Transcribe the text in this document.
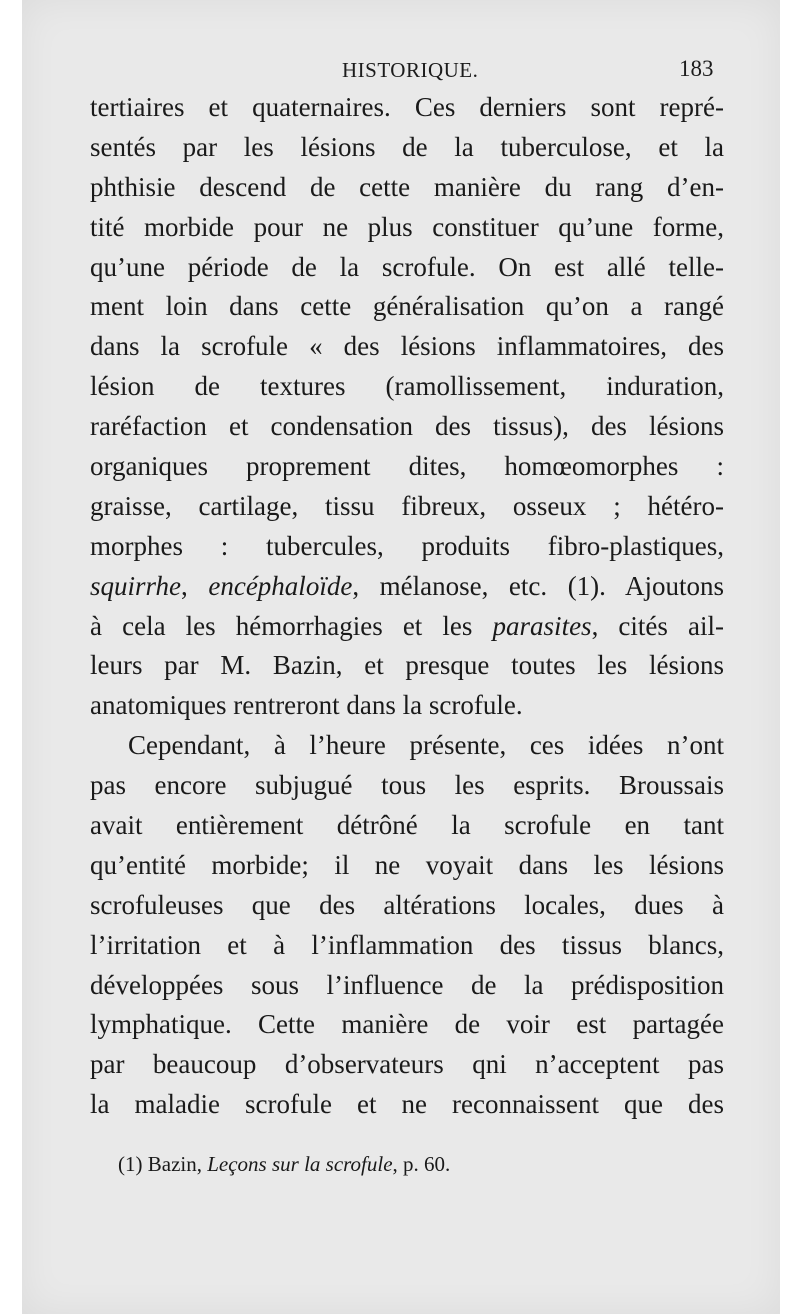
HISTORIQUE.	183
tertiaires et quaternaires. Ces derniers sont repré-
sentés par les lésions de la tuberculose, et la
phthisie descend de cette manière du rang d’en-
tité morbide pour ne plus constituer qu’une forme,
qu’une période de la scrofule. On est allé telle-
ment loin dans cette généralisation qu’on a rangé
dans la scrofule « des lésions inflammatoires, des
lésion de textures (ramollissement, induration,
raréfaction et condensation des tissus), des lésions
organiques proprement dites, homœomorphes :
graisse, cartilage, tissu fibreux, osseux ; hétéro-
morphes : tubercules, produits fibro-plastiques,
squirrhe, encéphaloïde, mélanose, etc. (1). Ajoutons
à cela les hémorrhagies et les parasites, cités ail-
leurs par M. Bazin, et presque toutes les lésions
anatomiques rentreront dans la scrofule.
Cependant, à l’heure présente, ces idées n’ont
pas encore subjugué tous les esprits. Broussais
avait entièrement détrôné la scrofule en tant
qu’entité morbide; il ne voyait dans les lésions
scrofuleuses que des altérations locales, dues à
l’irritation et à l’inflammation des tissus blancs,
développées sous l’influence de la prédisposition
lymphatique. Cette manière de voir est partagée
par beaucoup d’observateurs qni n’acceptent pas
la maladie scrofule et ne reconnaissent que des
(1) Bazin, Leçons sur la scrofule, p. 60.
